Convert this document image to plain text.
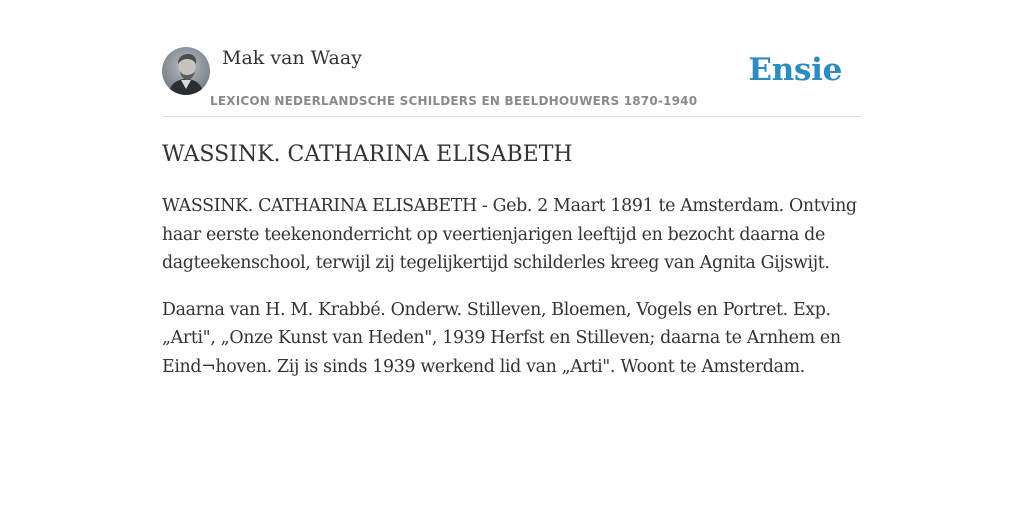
Mak van Waay
LEXICON NEDERLANDSCHE SCHILDERS EN BEELDHOUWERS 1870-1940
Ensie
WASSINK. CATHARINA ELISABETH

WASSINK. CATHARINA ELISABETH - Geb. 2 Maart 1891 te Amsterdam. Ontving haar eerste teekenonderricht op veertienjarigen leeftijd en bezocht daarna de dagteekenschool, terwijl zij tegelijkertijd schilderles kreeg van Agnita Gijswijt.

Daarna van H. M. Krabbé. Onderw. Stilleven, Bloemen, Vogels en Portret. Exp. „Arti", „Onze Kunst van Heden", 1939 Herfst en Stilleven; daarna te Arnhem en Eind¬hoven. Zij is sinds 1939 werkend lid van „Arti". Woont te Amsterdam.
